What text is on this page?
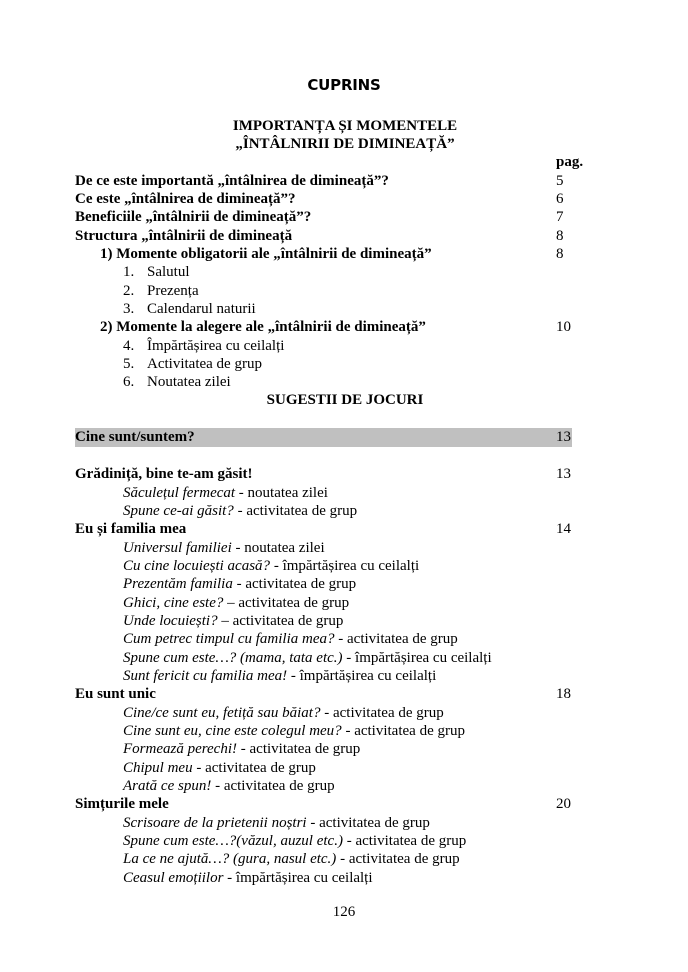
CUPRINS
IMPORTANȚA ȘI MOMENTELE
„ÎNTÂLNIRII DE DIMINEAȚĂ”
pag.
De ce este importantă „întâlnirea de dimineață”?	5
Ce este „întâlnirea de dimineață”?	6
Beneficiile „întâlnirii de dimineață”?	7
Structura „întâlnirii de dimineață	8
1) Momente obligatorii ale „întâlnirii de dimineață”	8
1. Salutul
2. Prezența
3. Calendarul naturii
2) Momente la alegere ale „întâlnirii de dimineață”	10
4. Împărtășirea cu ceilalți
5. Activitatea de grup
6. Noutatea zilei
SUGESTII DE JOCURI
Cine sunt/suntem?	13
Grădiniță, bine te-am găsit!	13
Săculețul fermecat - noutatea zilei
Spune ce-ai găsit? - activitatea de grup
Eu și familia mea	14
Universul familiei - noutatea zilei
Cu cine locuiești acasă? - împărtășirea cu ceilalți
Prezentăm familia - activitatea de grup
Ghici, cine este? – activitatea de grup
Unde locuiești? – activitatea de grup
Cum petrec timpul cu familia mea? - activitatea de grup
Spune cum este…? (mama, tata etc.) - împărtășirea cu ceilalți
Sunt fericit cu familia mea! - împărtășirea cu ceilalți
Eu sunt unic	18
Cine/ce sunt eu, fetiță sau băiat? - activitatea de grup
Cine sunt eu, cine este colegul meu? - activitatea de grup
Formează perechi! - activitatea de grup
Chipul meu - activitatea de grup
Arată ce spun! - activitatea de grup
Simțurile mele	20
Scrisoare de la prietenii noștri - activitatea de grup
Spune cum este…?(văzul, auzul etc.) - activitatea de grup
La ce ne ajută…? (gura, nasul etc.) - activitatea de grup
Ceasul emoțiilor - împărtășirea cu ceilalți
126
